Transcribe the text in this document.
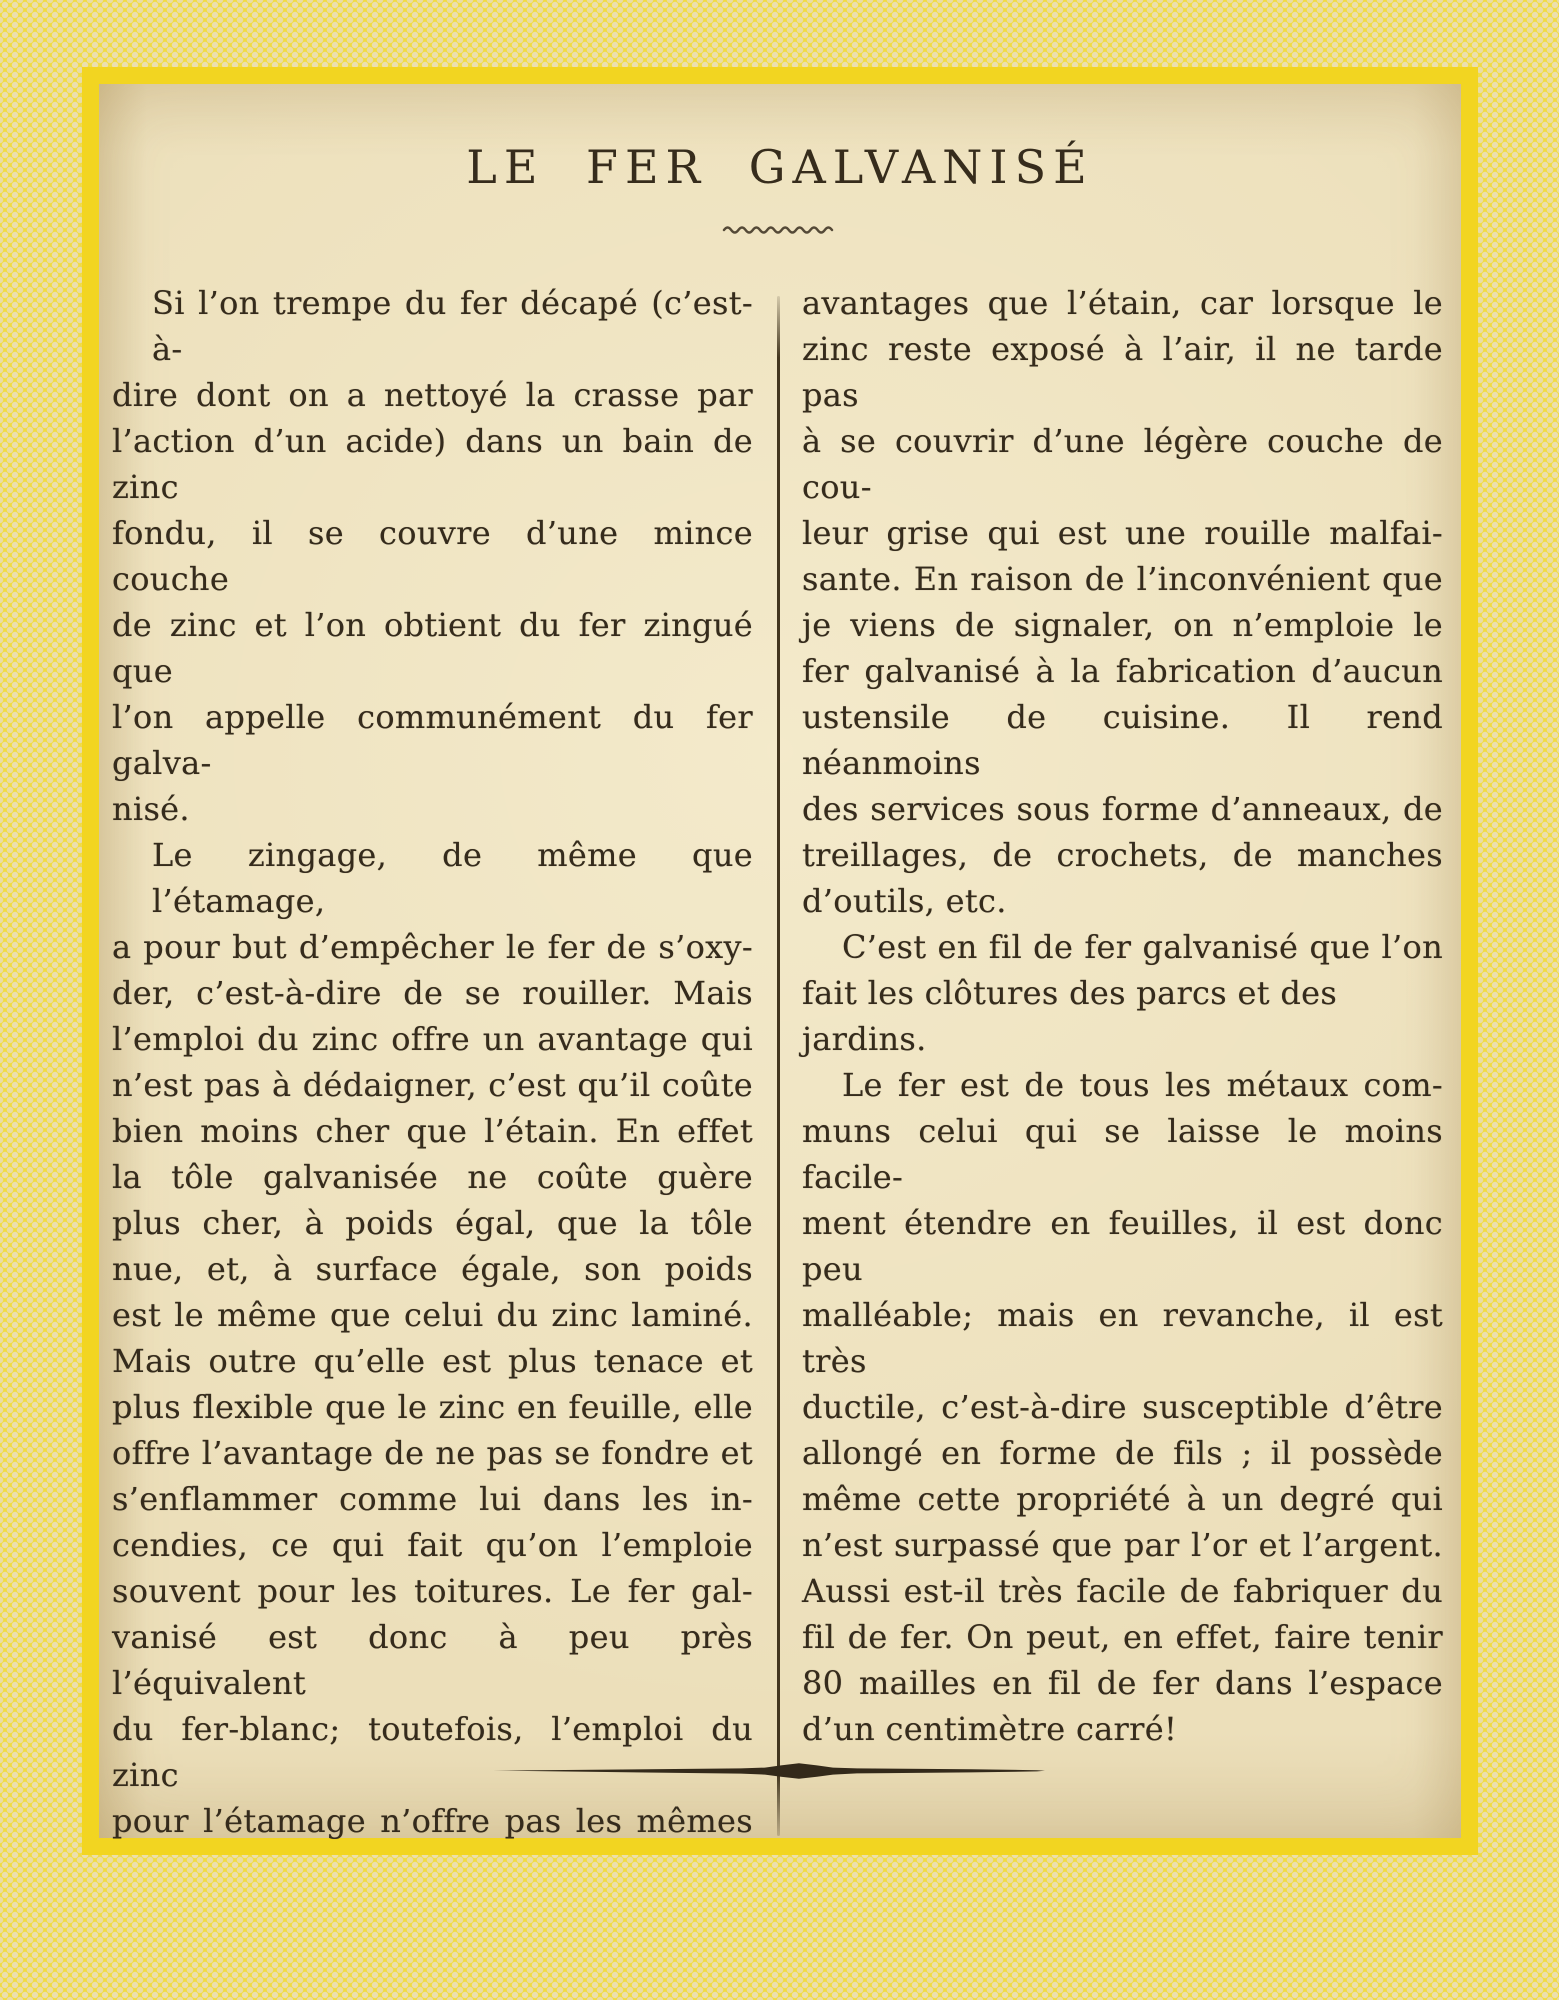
LE FER GALVANISÉ
Si l’on trempe du fer décapé (c’est-à-
dire dont on a nettoyé la crasse par
l’action d’un acide) dans un bain de zinc
fondu, il se couvre d’une mince couche
de zinc et l’on obtient du fer zingué que
l’on appelle communément du fer galva-
nisé.
Le zingage, de même que l’étamage,
a pour but d’empêcher le fer de s’oxy-
der, c’est-à-dire de se rouiller. Mais
l’emploi du zinc offre un avantage qui
n’est pas à dédaigner, c’est qu’il coûte
bien moins cher que l’étain. En effet
la tôle galvanisée ne coûte guère
plus cher, à poids égal, que la tôle
nue, et, à surface égale, son poids
est le même que celui du zinc laminé.
Mais outre qu’elle est plus tenace et
plus flexible que le zinc en feuille, elle
offre l’avantage de ne pas se fondre et
s’enflammer comme lui dans les in-
cendies, ce qui fait qu’on l’emploie
souvent pour les toitures. Le fer gal-
vanisé est donc à peu près l’équivalent
du fer-blanc; toutefois, l’emploi du zinc
pour l’étamage n’offre pas les mêmes
avantages que l’étain, car lorsque le
zinc reste exposé à l’air, il ne tarde pas
à se couvrir d’une légère couche de cou-
leur grise qui est une rouille malfai-
sante. En raison de l’inconvénient que
je viens de signaler, on n’emploie le
fer galvanisé à la fabrication d’aucun
ustensile de cuisine. Il rend néanmoins
des services sous forme d’anneaux, de
treillages, de crochets, de manches
d’outils, etc.
C’est en fil de fer galvanisé que l’on
fait les clôtures des parcs et des jardins.
Le fer est de tous les métaux com-
muns celui qui se laisse le moins facile-
ment étendre en feuilles, il est donc peu
malléable; mais en revanche, il est très
ductile, c’est-à-dire susceptible d’être
allongé en forme de fils ; il possède
même cette propriété à un degré qui
n’est surpassé que par l’or et l’argent.
Aussi est-il très facile de fabriquer du
fil de fer. On peut, en effet, faire tenir
80 mailles en fil de fer dans l’espace
d’un centimètre carré!
